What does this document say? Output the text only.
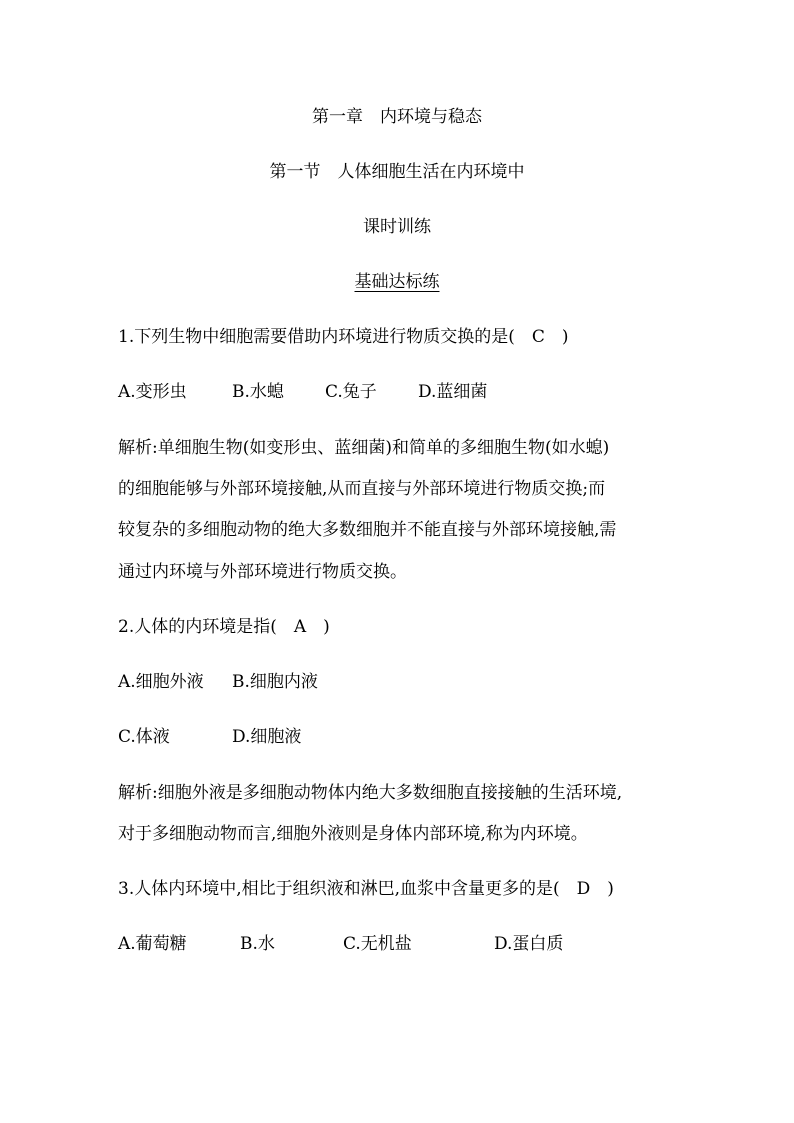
第一章　内环境与稳态
第一节　人体细胞生活在内环境中
课时训练
基础达标练
1.下列生物中细胞需要借助内环境进行物质交换的是(　C　)
A.变形虫	B.水螅 C.兔子 D.蓝细菌
解析:单细胞生物(如变形虫、蓝细菌)和简单的多细胞生物(如水螅)
的细胞能够与外部环境接触,从而直接与外部环境进行物质交换;而
较复杂的多细胞动物的绝大多数细胞并不能直接与外部环境接触,需
通过内环境与外部环境进行物质交换。
2.人体的内环境是指(　A　)
A.细胞外液 B.细胞内液
C.体液	D.细胞液
解析:细胞外液是多细胞动物体内绝大多数细胞直接接触的生活环境,
对于多细胞动物而言,细胞外液则是身体内部环境,称为内环境。
3.人体内环境中,相比于组织液和淋巴,血浆中含量更多的是(　D　)
A.葡萄糖	B.水	C.无机盐	D.蛋白质
